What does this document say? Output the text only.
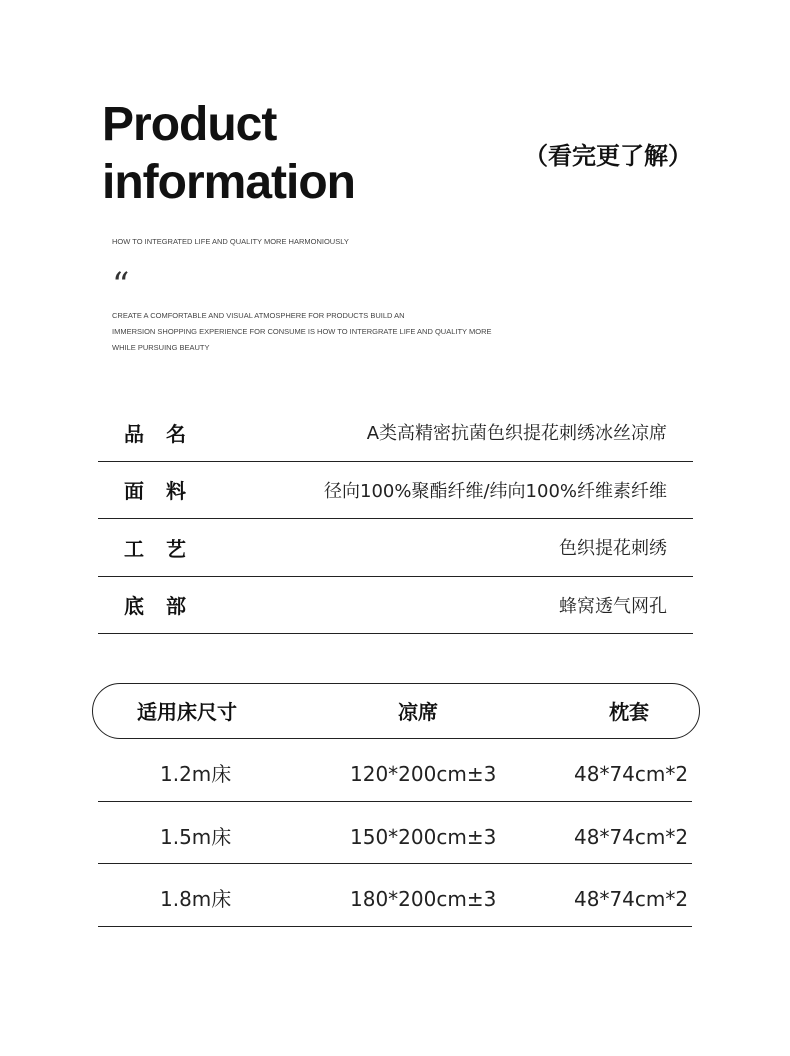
Product
information	（看完更了解）
HOW TO INTEGRATED LIFE AND QUALITY MORE HARMONIOUSLY
“
CREATE A COMFORTABLE AND VISUAL ATMOSPHERE FOR PRODUCTS BUILD AN
IMMERSION SHOPPING EXPERIENCE FOR CONSUME IS HOW TO INTERGRATE LIFE AND QUALITY MORE
WHILE PURSUING BEAUTY
品名	A类高精密抗菌色织提花刺绣冰丝凉席
面料	径向100%聚酯纤维/纬向100%纤维素纤维
工艺	色织提花刺绣
底部	蜂窝透气网孔
适用床尺寸	凉席	枕套
1.2m床	120*200cm±3	48*74cm*2
1.5m床	150*200cm±3	48*74cm*2
1.8m床	180*200cm±3	48*74cm*2
